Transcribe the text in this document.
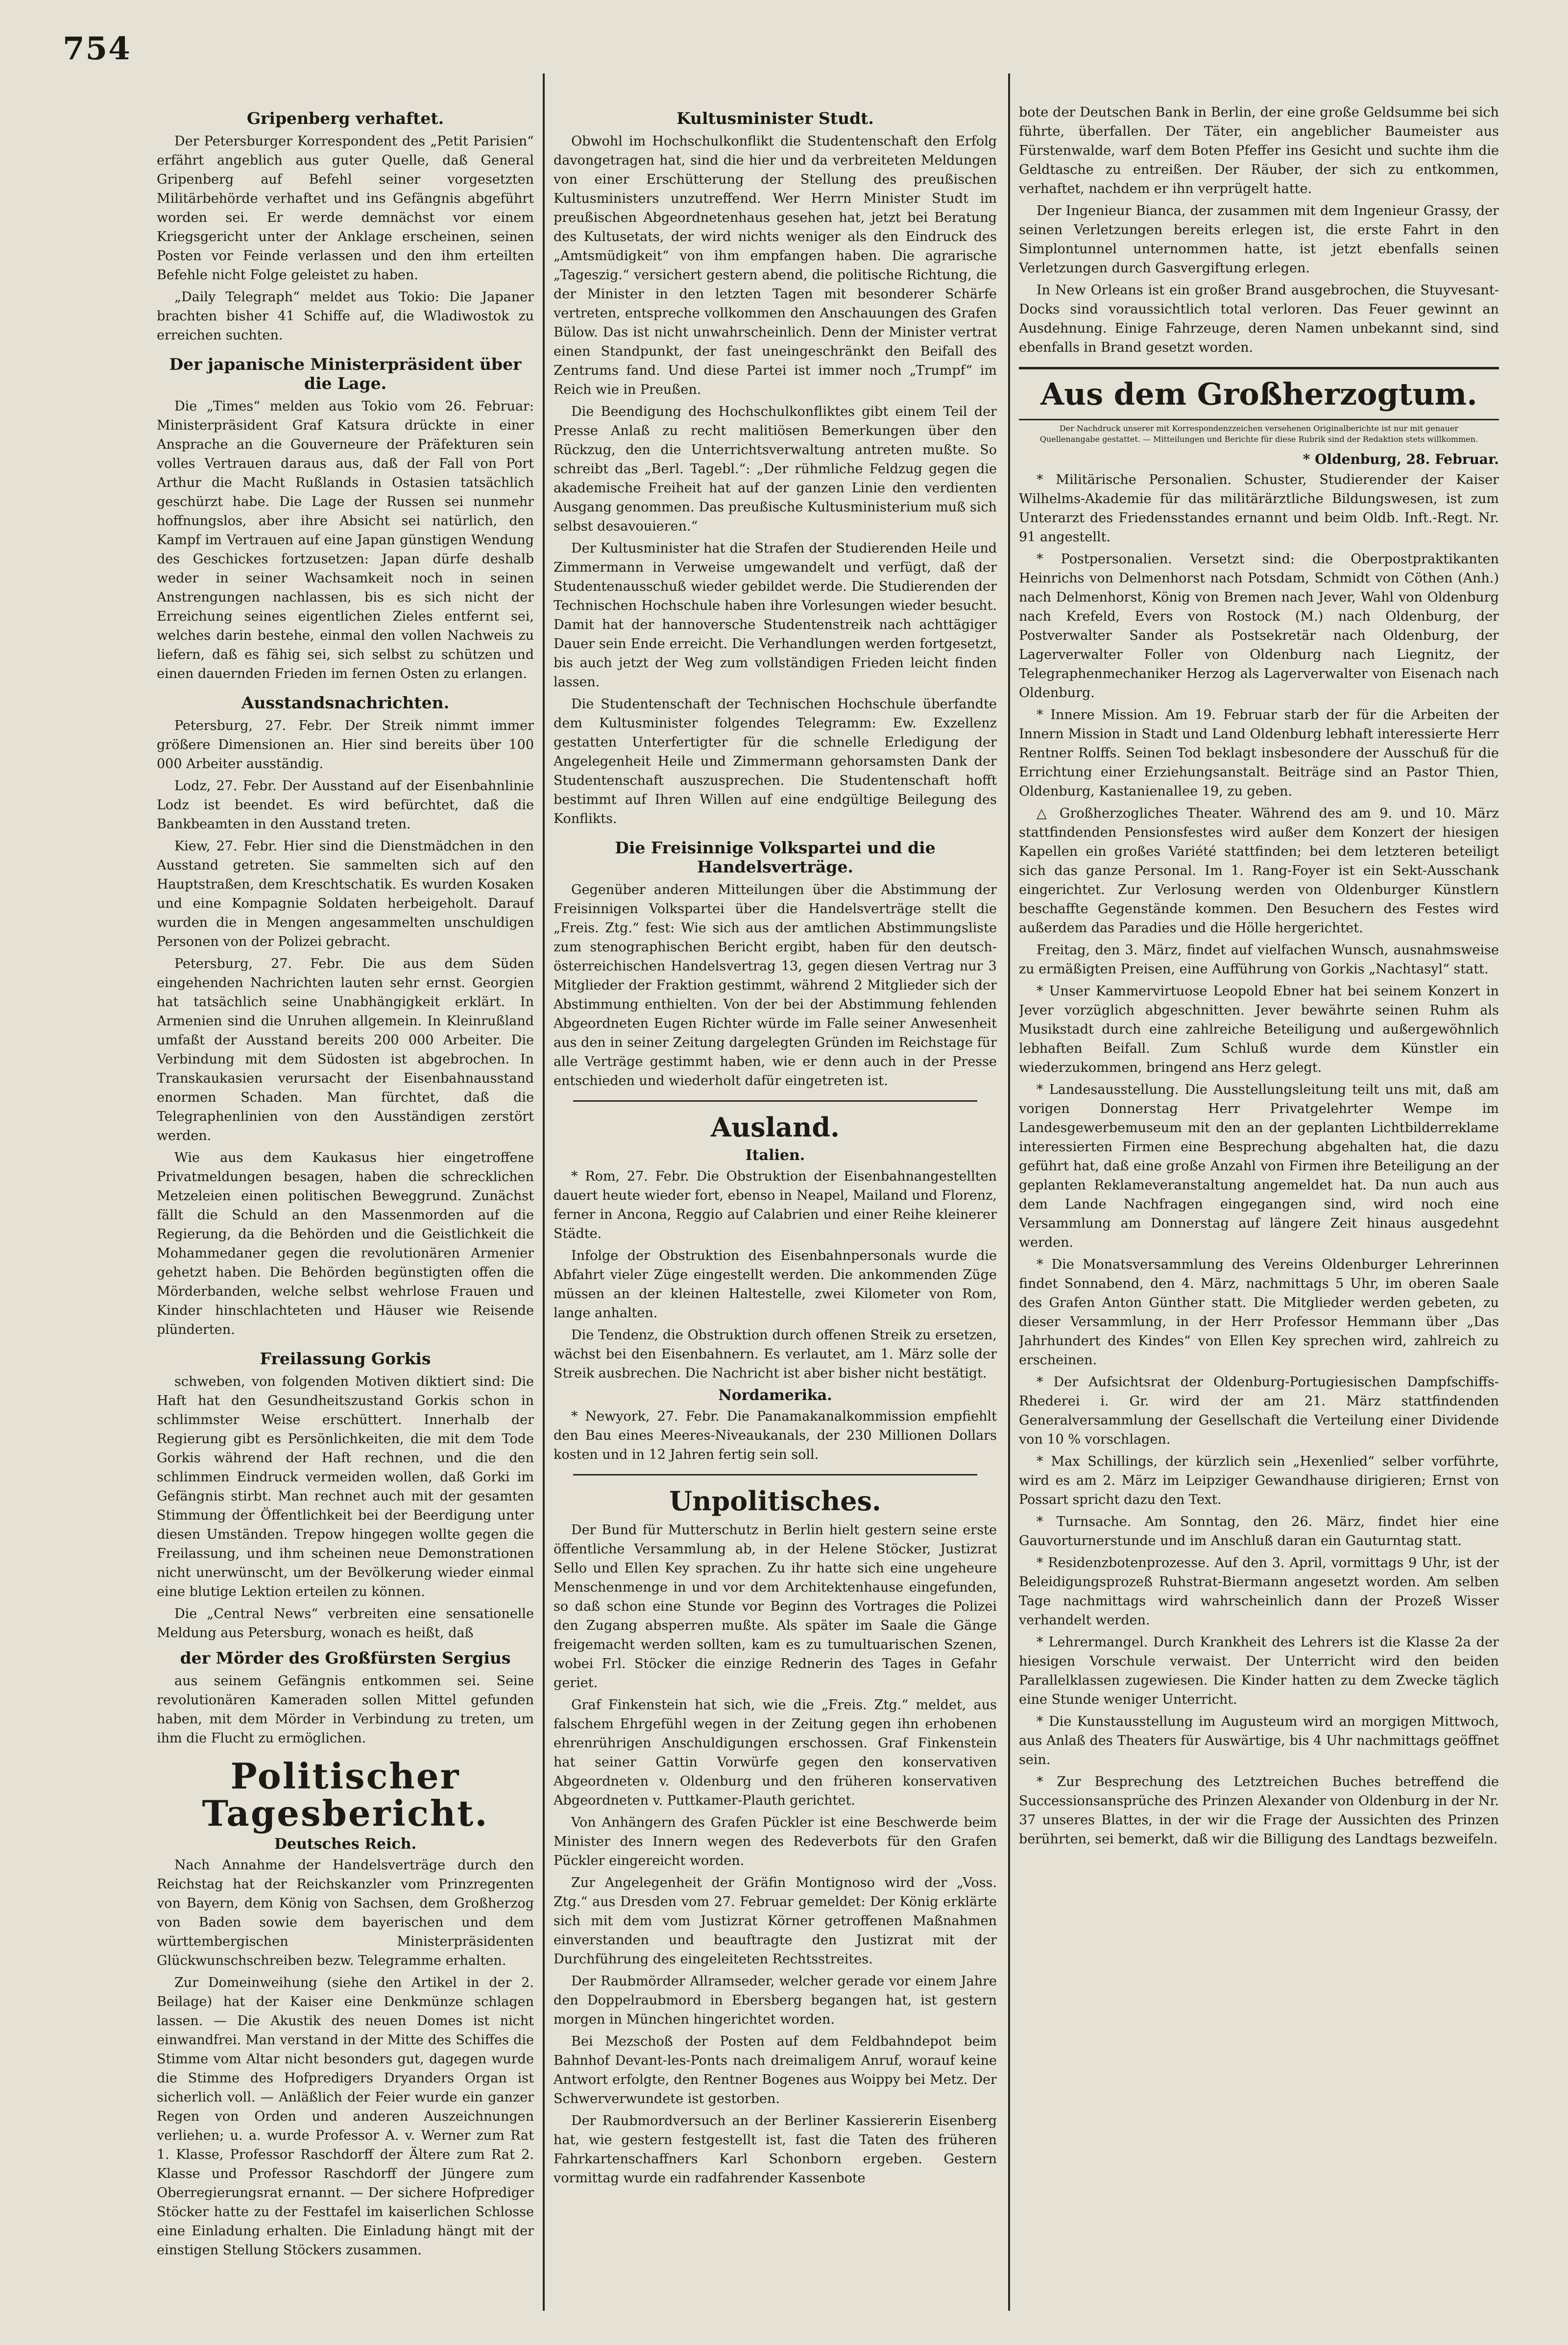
754
Gripenberg verhaftet.

Der Petersburger Korrespondent des „Petit Parisien“ erfährt angeblich aus guter Quelle, daß General Gripenberg auf Befehl seiner vorgesetzten Militärbehörde verhaftet und ins Gefängnis abgeführt worden sei. Er werde demnächst vor einem Kriegsgericht unter der Anklage erscheinen, seinen Posten vor Feinde verlassen und den ihm erteilten Befehle nicht Folge geleistet zu haben.

„Daily Telegraph“ meldet aus Tokio: Die Japaner brachten bisher 41 Schiffe auf, die Wladiwostok zu erreichen suchten.

Der japanische Ministerpräsident über die Lage.

Die „Times“ melden aus Tokio vom 26. Februar: Ministerpräsident Graf Katsura drückte in einer Ansprache an die Gouverneure der Präfekturen sein volles Vertrauen daraus aus, daß der Fall von Port Arthur die Macht Rußlands in Ostasien tatsächlich geschürzt habe. Die Lage der Russen sei nunmehr hoffnungslos, aber ihre Absicht sei natürlich, den Kampf im Vertrauen auf eine Japan günstigen Wendung des Geschickes fortzusetzen: Japan dürfe deshalb weder in seiner Wachsamkeit noch in seinen Anstrengungen nachlassen, bis es sich nicht der Erreichung seines eigentlichen Zieles entfernt sei, welches darin bestehe, einmal den vollen Nachweis zu liefern, daß es fähig sei, sich selbst zu schützen und einen dauernden Frieden im fernen Osten zu erlangen.

Ausstandsnachrichten.

Petersburg, 27. Febr. Der Streik nimmt immer größere Dimensionen an. Hier sind bereits über 100 000 Arbeiter ausständig.

Lodz, 27. Febr. Der Ausstand auf der Eisenbahnlinie Lodz ist beendet. Es wird befürchtet, daß die Bankbeamten in den Ausstand treten.

Kiew, 27. Febr. Hier sind die Dienstmädchen in den Ausstand getreten. Sie sammelten sich auf den Hauptstraßen, dem Kreschtschatik. Es wurden Kosaken und eine Kompagnie Soldaten herbeigeholt. Darauf wurden die in Mengen angesammelten unschuldigen Personen von der Polizei gebracht.

Petersburg, 27. Febr. Die aus dem Süden eingehenden Nachrichten lauten sehr ernst. Georgien hat tatsächlich seine Unabhängigkeit erklärt. In Armenien sind die Unruhen allgemein. In Kleinrußland umfaßt der Ausstand bereits 200 000 Arbeiter. Die Verbindung mit dem Südosten ist abgebrochen. In Transkaukasien verursacht der Eisenbahnausstand enormen Schaden. Man fürchtet, daß die Telegraphenlinien von den Ausständigen zerstört werden.

Wie aus dem Kaukasus hier eingetroffene Privatmeldungen besagen, haben die schrecklichen Metzeleien einen politischen Beweggrund. Zunächst fällt die Schuld an den Massenmorden auf die Regierung, da die Behörden und die Geistlichkeit die Mohammedaner gegen die revolutionären Armenier gehetzt haben. Die Behörden begünstigten offen die Mörderbanden, welche selbst wehrlose Frauen und Kinder hinschlachteten und Häuser wie Reisende plünderten.

Freilassung Gorkis

schweben, von folgenden Motiven diktiert sind: Die Haft hat den Gesundheitszustand Gorkis schon in schlimmster Weise erschüttert. Innerhalb der Regierung gibt es Persönlichkeiten, die mit dem Tode Gorkis während der Haft rechnen, und die den schlimmen Eindruck vermeiden wollen, daß Gorki im Gefängnis stirbt. Man rechnet auch mit der gesamten Stimmung der Öffentlichkeit bei der Beerdigung unter diesen Umständen. Trepow hingegen wollte gegen die Freilassung, und ihm scheinen neue Demonstrationen nicht unerwünscht, um der Bevölkerung wieder einmal eine blutige Lektion erteilen zu können.

Die „Central News“ verbreiten eine sensationelle Meldung aus Petersburg, wonach es heißt, daß

der Mörder des Großfürsten Sergius

aus seinem Gefängnis entkommen sei. Seine revolutionären Kameraden sollen Mittel gefunden haben, mit dem Mörder in Verbindung zu treten, um ihm die Flucht zu ermöglichen.

Politischer Tagesbericht.
Deutsches Reich.

Nach Annahme der Handelsverträge durch den Reichstag hat der Reichskanzler vom Prinzregenten von Bayern, dem König von Sachsen, dem Großherzog von Baden sowie dem bayerischen und dem württembergischen Ministerpräsidenten Glückwunschschreiben bezw. Telegramme erhalten.

Zur Domeinweihung (siehe den Artikel in der 2. Beilage) hat der Kaiser eine Denkmünze schlagen lassen. — Die Akustik des neuen Domes ist nicht einwandfrei. Man verstand in der Mitte des Schiffes die Stimme vom Altar nicht besonders gut, dagegen wurde die Stimme des Hofpredigers Dryanders Organ ist sicherlich voll. — Anläßlich der Feier wurde ein ganzer Regen von Orden und anderen Auszeichnungen verliehen; u. a. wurde Professor A. v. Werner zum Rat 1. Klasse, Professor Raschdorff der Ältere zum Rat 2. Klasse und Professor Raschdorff der Jüngere zum Oberregierungsrat ernannt. — Der sichere Hofprediger Stöcker hatte zu der Festtafel im kaiserlichen Schlosse eine Einladung erhalten. Die Einladung hängt mit der einstigen Stellung Stöckers zusammen.

Kultusminister Studt.

Obwohl im Hochschulkonflikt die Studentenschaft den Erfolg davongetragen hat, sind die hier und da verbreiteten Meldungen von einer Erschütterung der Stellung des preußischen Kultusministers unzutreffend. Wer Herrn Minister Studt im preußischen Abgeordnetenhaus gesehen hat, jetzt bei Beratung des Kultusetats, der wird nichts weniger als den Eindruck des „Amtsmüdigkeit“ von ihm empfangen haben. Die agrarische „Tageszig.“ versichert gestern abend, die politische Richtung, die der Minister in den letzten Tagen mit besonderer Schärfe vertreten, entspreche vollkommen den Anschauungen des Grafen Bülow. Das ist nicht unwahrscheinlich. Denn der Minister vertrat einen Standpunkt, der fast uneingeschränkt den Beifall des Zentrums fand. Und diese Partei ist immer noch „Trumpf“ im Reich wie in Preußen.

Die Beendigung des Hochschulkonfliktes gibt einem Teil der Presse Anlaß zu recht malitiösen Bemerkungen über den Rückzug, den die Unterrichtsverwaltung antreten mußte. So schreibt das „Berl. Tagebl.“: „Der rühmliche Feldzug gegen die akademische Freiheit hat auf der ganzen Linie den verdienten Ausgang genommen. Das preußische Kultusministerium muß sich selbst desavouieren.“

Der Kultusminister hat die Strafen der Studierenden Heile und Zimmermann in Verweise umgewandelt und verfügt, daß der Studentenausschuß wieder gebildet werde. Die Studierenden der Technischen Hochschule haben ihre Vorlesungen wieder besucht. Damit hat der hannoversche Studentenstreik nach achttägiger Dauer sein Ende erreicht. Die Verhandlungen werden fortgesetzt, bis auch jetzt der Weg zum vollständigen Frieden leicht finden lassen.

Die Studentenschaft der Technischen Hochschule überfandte dem Kultusminister folgendes Telegramm: Ew. Exzellenz gestatten Unterfertigter für die schnelle Erledigung der Angelegenheit Heile und Zimmermann gehorsamsten Dank der Studentenschaft auszusprechen. Die Studentenschaft hofft bestimmt auf Ihren Willen auf eine endgültige Beilegung des Konflikts.

Die Freisinnige Volkspartei und die Handelsverträge.

Gegenüber anderen Mitteilungen über die Abstimmung der Freisinnigen Volkspartei über die Handelsverträge stellt die „Freis. Ztg.“ fest: Wie sich aus der amtlichen Abstimmungsliste zum stenographischen Bericht ergibt, haben für den deutsch-österreichischen Handelsvertrag 13, gegen diesen Vertrag nur 3 Mitglieder der Fraktion gestimmt, während 2 Mitglieder sich der Abstimmung enthielten. Von der bei der Abstimmung fehlenden Abgeordneten Eugen Richter würde im Falle seiner Anwesenheit aus den in seiner Zeitung dargelegten Gründen im Reichstage für alle Verträge gestimmt haben, wie er denn auch in der Presse entschieden und wiederholt dafür eingetreten ist.

Ausland.
Italien.

* Rom, 27. Febr. Die Obstruktion der Eisenbahnangestellten dauert heute wieder fort, ebenso in Neapel, Mailand und Florenz, ferner in Ancona, Reggio auf Calabrien und einer Reihe kleinerer Städte.

Infolge der Obstruktion des Eisenbahnpersonals wurde die Abfahrt vieler Züge eingestellt werden. Die ankommenden Züge müssen an der kleinen Haltestelle, zwei Kilometer von Rom, lange anhalten.

Die Tendenz, die Obstruktion durch offenen Streik zu ersetzen, wächst bei den Eisenbahnern. Es verlautet, am 1. März solle der Streik ausbrechen. Die Nachricht ist aber bisher nicht bestätigt.

Nordamerika.

* Newyork, 27. Febr. Die Panamakanalkommission empfiehlt den Bau eines Meeres-Niveaukanals, der 230 Millionen Dollars kosten und in 12 Jahren fertig sein soll.

Unpolitisches.

Der Bund für Mutterschutz in Berlin hielt gestern seine erste öffentliche Versammlung ab, in der Helene Stöcker, Justizrat Sello und Ellen Key sprachen. Zu ihr hatte sich eine ungeheure Menschenmenge in und vor dem Architektenhause eingefunden, so daß schon eine Stunde vor Beginn des Vortrages die Polizei den Zugang absperren mußte. Als später im Saale die Gänge freigemacht werden sollten, kam es zu tumultuarischen Szenen, wobei Frl. Stöcker die einzige Rednerin des Tages in Gefahr geriet.

Graf Finkenstein hat sich, wie die „Freis. Ztg.“ meldet, aus falschem Ehrgefühl wegen in der Zeitung gegen ihn erhobenen ehrenrührigen Anschuldigungen erschossen. Graf Finkenstein hat seiner Gattin Vorwürfe gegen den konservativen Abgeordneten v. Oldenburg und den früheren konservativen Abgeordneten v. Puttkamer-Plauth gerichtet.

Von Anhängern des Grafen Pückler ist eine Beschwerde beim Minister des Innern wegen des Redeverbots für den Grafen Pückler eingereicht worden.

Zur Angelegenheit der Gräfin Montignoso wird der „Voss. Ztg.“ aus Dresden vom 27. Februar gemeldet: Der König erklärte sich mit dem vom Justizrat Körner getroffenen Maßnahmen einverstanden und beauftragte den Justizrat mit der Durchführung des eingeleiteten Rechtsstreites.

Der Raubmörder Allramseder, welcher gerade vor einem Jahre den Doppelraubmord in Ebersberg begangen hat, ist gestern morgen in München hingerichtet worden.

Bei Mezschoß der Posten auf dem Feldbahndepot beim Bahnhof Devant-les-Ponts nach dreimaligem Anruf, worauf keine Antwort erfolgte, den Rentner Bogenes aus Woippy bei Metz. Der Schwerverwundete ist gestorben.

Der Raubmordversuch an der Berliner Kassiererin Eisenberg hat, wie gestern festgestellt ist, fast die Taten des früheren Fahrkartenschaffners Karl Schonborn ergeben. Gestern vormittag wurde ein radfahrender Kassenbote

bote der Deutschen Bank in Berlin, der eine große Geldsumme bei sich führte, überfallen. Der Täter, ein angeblicher Baumeister aus Fürstenwalde, warf dem Boten Pfeffer ins Gesicht und suchte ihm die Geldtasche zu entreißen. Der Räuber, der sich zu entkommen, verhaftet, nachdem er ihn verprügelt hatte.

Der Ingenieur Bianca, der zusammen mit dem Ingenieur Grassy, der seinen Verletzungen bereits erlegen ist, die erste Fahrt in den Simplontunnel unternommen hatte, ist jetzt ebenfalls seinen Verletzungen durch Gasvergiftung erlegen.

In New Orleans ist ein großer Brand ausgebrochen, die Stuyvesant-Docks sind voraussichtlich total verloren. Das Feuer gewinnt an Ausdehnung. Einige Fahrzeuge, deren Namen unbekannt sind, sind ebenfalls in Brand gesetzt worden.

Aus dem Großherzogtum.
Der Nachdruck unserer mit Korrespondenzzeichen versehenen Originalberichte ist nur mit genauer Quellenangabe gestattet. — Mitteilungen und Berichte für diese Rubrik sind der Redaktion stets willkommen.
* Oldenburg, 28. Februar.

* Militärische Personalien. Schuster, Studierender der Kaiser Wilhelms-Akademie für das militärärztliche Bildungswesen, ist zum Unterarzt des Friedensstandes ernannt und beim Oldb. Inft.-Regt. Nr. 91 angestellt.

* Postpersonalien. Versetzt sind: die Oberpostpraktikanten Heinrichs von Delmenhorst nach Potsdam, Schmidt von Cöthen (Anh.) nach Delmenhorst, König von Bremen nach Jever, Wahl von Oldenburg nach Krefeld, Evers von Rostock (M.) nach Oldenburg, der Postverwalter Sander als Postsekretär nach Oldenburg, der Lagerverwalter Foller von Oldenburg nach Liegnitz, der Telegraphenmechaniker Herzog als Lagerverwalter von Eisenach nach Oldenburg.

* Innere Mission. Am 19. Februar starb der für die Arbeiten der Innern Mission in Stadt und Land Oldenburg lebhaft interessierte Herr Rentner Rolffs. Seinen Tod beklagt insbesondere der Ausschuß für die Errichtung einer Erziehungsanstalt. Beiträge sind an Pastor Thien, Oldenburg, Kastanienallee 19, zu geben.

△ Großherzogliches Theater. Während des am 9. und 10. März stattfindenden Pensionsfestes wird außer dem Konzert der hiesigen Kapellen ein großes Variété stattfinden; bei dem letzteren beteiligt sich das ganze Personal. Im 1. Rang-Foyer ist ein Sekt-Ausschank eingerichtet. Zur Verlosung werden von Oldenburger Künstlern beschaffte Gegenstände kommen. Den Besuchern des Festes wird außerdem das Paradies und die Hölle hergerichtet.

Freitag, den 3. März, findet auf vielfachen Wunsch, ausnahmsweise zu ermäßigten Preisen, eine Aufführung von Gorkis „Nachtasyl“ statt.

* Unser Kammervirtuose Leopold Ebner hat bei seinem Konzert in Jever vorzüglich abgeschnitten. Jever bewährte seinen Ruhm als Musikstadt durch eine zahlreiche Beteiligung und außergewöhnlich lebhaften Beifall. Zum Schluß wurde dem Künstler ein wiederzukommen, bringend ans Herz gelegt.

* Landesausstellung. Die Ausstellungsleitung teilt uns mit, daß am vorigen Donnerstag Herr Privatgelehrter Wempe im Landesgewerbemuseum mit den an der geplanten Lichtbilderreklame interessierten Firmen eine Besprechung abgehalten hat, die dazu geführt hat, daß eine große Anzahl von Firmen ihre Beteiligung an der geplanten Reklameveranstaltung angemeldet hat. Da nun auch aus dem Lande Nachfragen eingegangen sind, wird noch eine Versammlung am Donnerstag auf längere Zeit hinaus ausgedehnt werden.

* Die Monatsversammlung des Vereins Oldenburger Lehrerinnen findet Sonnabend, den 4. März, nachmittags 5 Uhr, im oberen Saale des Grafen Anton Günther statt. Die Mitglieder werden gebeten, zu dieser Versammlung, in der Herr Professor Hemmann über „Das Jahrhundert des Kindes“ von Ellen Key sprechen wird, zahlreich zu erscheinen.

* Der Aufsichtsrat der Oldenburg-Portugiesischen Dampfschiffs-Rhederei i. Gr. wird der am 21. März stattfindenden Generalversammlung der Gesellschaft die Verteilung einer Dividende von 10 % vorschlagen.

* Max Schillings, der kürzlich sein „Hexenlied“ selber vorführte, wird es am 2. März im Leipziger Gewandhause dirigieren; Ernst von Possart spricht dazu den Text.

* Turnsache. Am Sonntag, den 26. März, findet hier eine Gauvorturnerstunde und im Anschluß daran ein Gauturntag statt.

* Residenzbotenprozesse. Auf den 3. April, vormittags 9 Uhr, ist der Beleidigungsprozeß Ruhstrat-Biermann angesetzt worden. Am selben Tage nachmittags wird wahrscheinlich dann der Prozeß Wisser verhandelt werden.

* Lehrermangel. Durch Krankheit des Lehrers ist die Klasse 2a der hiesigen Vorschule verwaist. Der Unterricht wird den beiden Parallelklassen zugewiesen. Die Kinder hatten zu dem Zwecke täglich eine Stunde weniger Unterricht.

* Die Kunstausstellung im Augusteum wird an morgigen Mittwoch, aus Anlaß des Theaters für Auswärtige, bis 4 Uhr nachmittags geöffnet sein.

* Zur Besprechung des Letztreichen Buches betreffend die Successionsansprüche des Prinzen Alexander von Oldenburg in der Nr. 37 unseres Blattes, in der wir die Frage der Aussichten des Prinzen berührten, sei bemerkt, daß wir die Billigung des Landtags bezweifeln.
